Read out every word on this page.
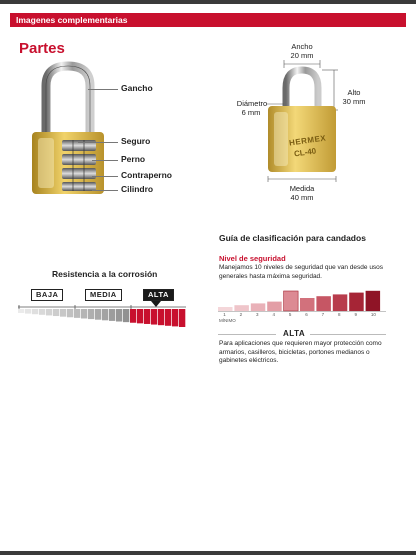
Imagenes complementarias
Partes
Gancho
Seguro
Perno
Contraperno
Cilindro
Ancho
20 mm
Alto
30 mm
Diámetro
6 mm
HERMEX
CL-40
Medida
40 mm
Resistencia a la corrosión
BAJA	MEDIA	ALTA
Guía de clasificación para candados
Nivel de seguridad
Manejamos 10 niveles de seguridad que van desde usos generales hasta máxima seguridad.
1	2	3	4	5	6	7	8	9	10
MÍNIMO
ALTA
Para aplicaciones que requieren mayor protección como armarios, casilleros, bicicletas, portones medianos o gabinetes eléctricos.
